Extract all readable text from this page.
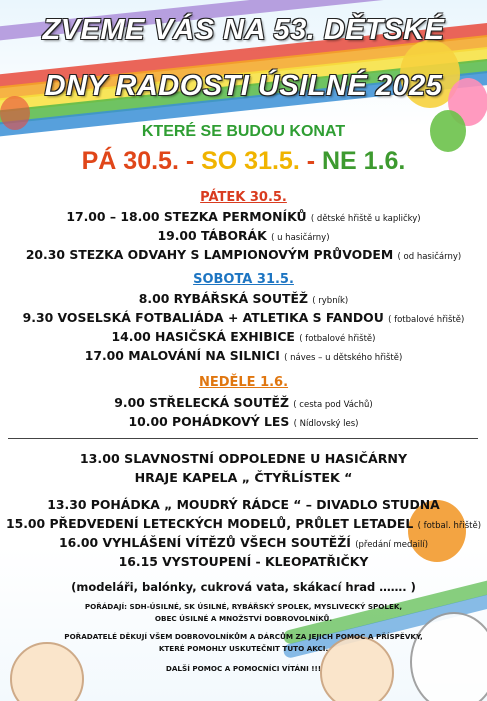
ZVEME VÁS NA 53. DĚTSKÉ
DNY RADOSTI ÚSILNÉ 2025
KTERÉ SE BUDOU KONAT
PÁ 30.5. - SO 31.5. - NE 1.6.
PÁTEK 30.5.
17.00 – 18.00 STEZKA PERMONÍKŮ ( dětské hřiště u kapličky)
19.00 TÁBORÁK ( u hasičárny)
20.30 STEZKA ODVAHY S LAMPIONOVÝM PRŮVODEM ( od hasičárny)
SOBOTA 31.5.
8.00 RYBÁŘSKÁ SOUTĚŽ ( rybník)
9.30 VOSELSKÁ FOTBALIÁDA + ATLETIKA S FANDOU ( fotbalové hřiště)
14.00 HASIČSKÁ EXHIBICE ( fotbalové hřiště)
17.00 MALOVÁNÍ NA SILNICI ( náves – u dětského hřiště)
NEDĚLE 1.6.
9.00 STŘELECKÁ SOUTĚŽ ( cesta pod Váchů)
10.00 POHÁDKOVÝ LES ( Nídlovský les)
13.00 SLAVNOSTNÍ ODPOLEDNE U HASIČÁRNY
HRAJE KAPELA „ ČTYŘLÍSTEK “
13.30 POHÁDKA „ MOUDRÝ RÁDCE “ – DIVADLO STUDNA
15.00 PŘEDVEDENÍ LETECKÝCH MODELŮ, PRŮLET LETADEL ( fotbal. hřiště)
16.00 VYHLÁŠENÍ VÍTĚZŮ VŠECH SOUTĚŽÍ (předání medailí)
16.15 VYSTOUPENÍ - KLEOPATŘIČKY
(modeláři, balónky, cukrová vata, skákací hrad ……. )
POŘÁDAJÍ: SDH-ÚSILNÉ, SK ÚSILNÉ, RYBÁŘSKÝ SPOLEK, MYSLIVECKÝ SPOLEK,
OBEC ÚSILNÉ A MNOŽSTVÍ DOBROVOLNÍKŮ.
POŘADATELÉ DĚKUJÍ VŠEM DOBROVOLNÍKŮM A DÁRCŮM ZA JEJICH POMOC A PŘÍSPĚVKY,
KTERÉ POMOHLY USKUTEČNIT TUTO AKCI.
DALŠÍ POMOC A POMOCNÍCI VÍTÁNI !!!
